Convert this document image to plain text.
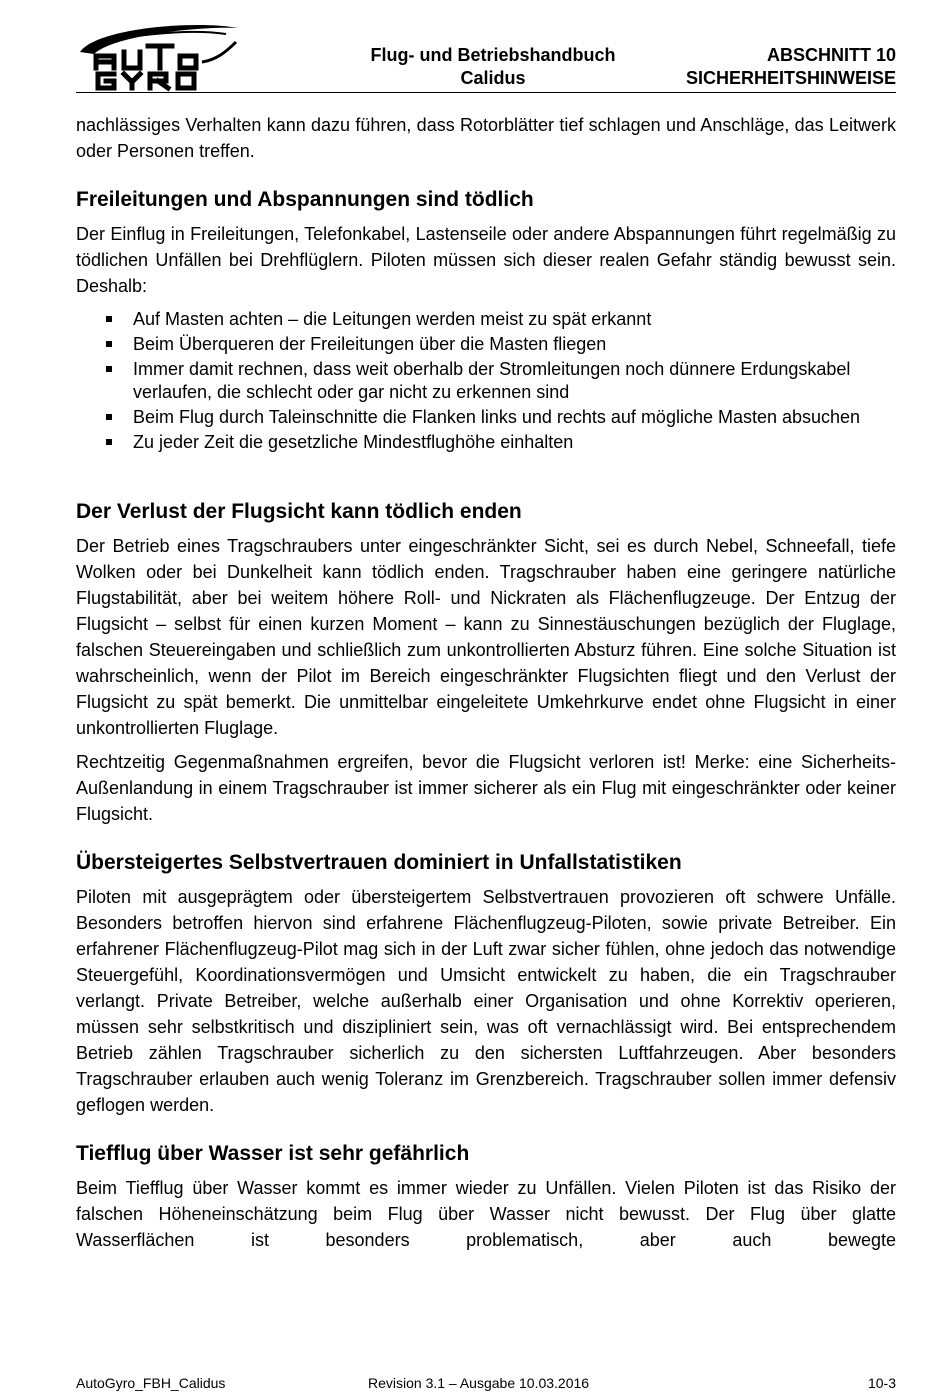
Flug- und Betriebshandbuch
Calidus
ABSCHNITT 10
SICHERHEITSHINWEISE

nachlässiges Verhalten kann dazu führen, dass Rotorblätter tief schlagen und Anschläge, das Leitwerk oder Personen treffen.

Freileitungen und Abspannungen sind tödlich

Der Einflug in Freileitungen, Telefonkabel, Lastenseile oder andere Abspannungen führt regelmäßig zu tödlichen Unfällen bei Drehflüglern. Piloten müssen sich dieser realen Gefahr ständig bewusst sein. Deshalb:

Auf Masten achten – die Leitungen werden meist zu spät erkannt
Beim Überqueren der Freileitungen über die Masten fliegen
Immer damit rechnen, dass weit oberhalb der Stromleitungen noch dünnere Erdungskabel verlaufen, die schlecht oder gar nicht zu erkennen sind
Beim Flug durch Taleinschnitte die Flanken links und rechts auf mögliche Masten absuchen
Zu jeder Zeit die gesetzliche Mindestflughöhe einhalten
Der Verlust der Flugsicht kann tödlich enden

Der Betrieb eines Tragschraubers unter eingeschränkter Sicht, sei es durch Nebel, Schneefall, tiefe Wolken oder bei Dunkelheit kann tödlich enden. Tragschrauber haben eine geringere natürliche Flugstabilität, aber bei weitem höhere Roll- und Nickraten als Flächenflugzeuge. Der Entzug der Flugsicht – selbst für einen kurzen Moment – kann zu Sinnestäuschungen bezüglich der Fluglage, falschen Steuereingaben und schließlich zum unkontrollierten Absturz führen. Eine solche Situation ist wahrscheinlich, wenn der Pilot im Bereich eingeschränkter Flugsichten fliegt und den Verlust der Flugsicht zu spät bemerkt. Die unmittelbar eingeleitete Umkehrkurve endet ohne Flugsicht in einer unkontrollierten Fluglage.

Rechtzeitig Gegenmaßnahmen ergreifen, bevor die Flugsicht verloren ist! Merke: eine Sicherheits-Außenlandung in einem Tragschrauber ist immer sicherer als ein Flug mit eingeschränkter oder keiner Flugsicht.

Übersteigertes Selbstvertrauen dominiert in Unfallstatistiken

Piloten mit ausgeprägtem oder übersteigertem Selbstvertrauen provozieren oft schwere Unfälle. Besonders betroffen hiervon sind erfahrene Flächenflugzeug-Piloten, sowie private Betreiber. Ein erfahrener Flächenflugzeug-Pilot mag sich in der Luft zwar sicher fühlen, ohne jedoch das notwendige Steuergefühl, Koordinationsvermögen und Umsicht entwickelt zu haben, die ein Tragschrauber verlangt. Private Betreiber, welche außerhalb einer Organisation und ohne Korrektiv operieren, müssen sehr selbstkritisch und diszipliniert sein, was oft vernachlässigt wird. Bei entsprechendem Betrieb zählen Tragschrauber sicherlich zu den sichersten Luftfahrzeugen. Aber besonders Tragschrauber erlauben auch wenig Toleranz im Grenzbereich. Tragschrauber sollen immer defensiv geflogen werden.

Tiefflug über Wasser ist sehr gefährlich

Beim Tiefflug über Wasser kommt es immer wieder zu Unfällen. Vielen Piloten ist das Risiko der falschen Höheneinschätzung beim Flug über Wasser nicht bewusst. Der Flug über glatte Wasserflächen ist besonders problematisch, aber auch bewegte

AutoGyro_FBH_Calidus	Revision 3.1 – Ausgabe 10.03.2016	10-3
